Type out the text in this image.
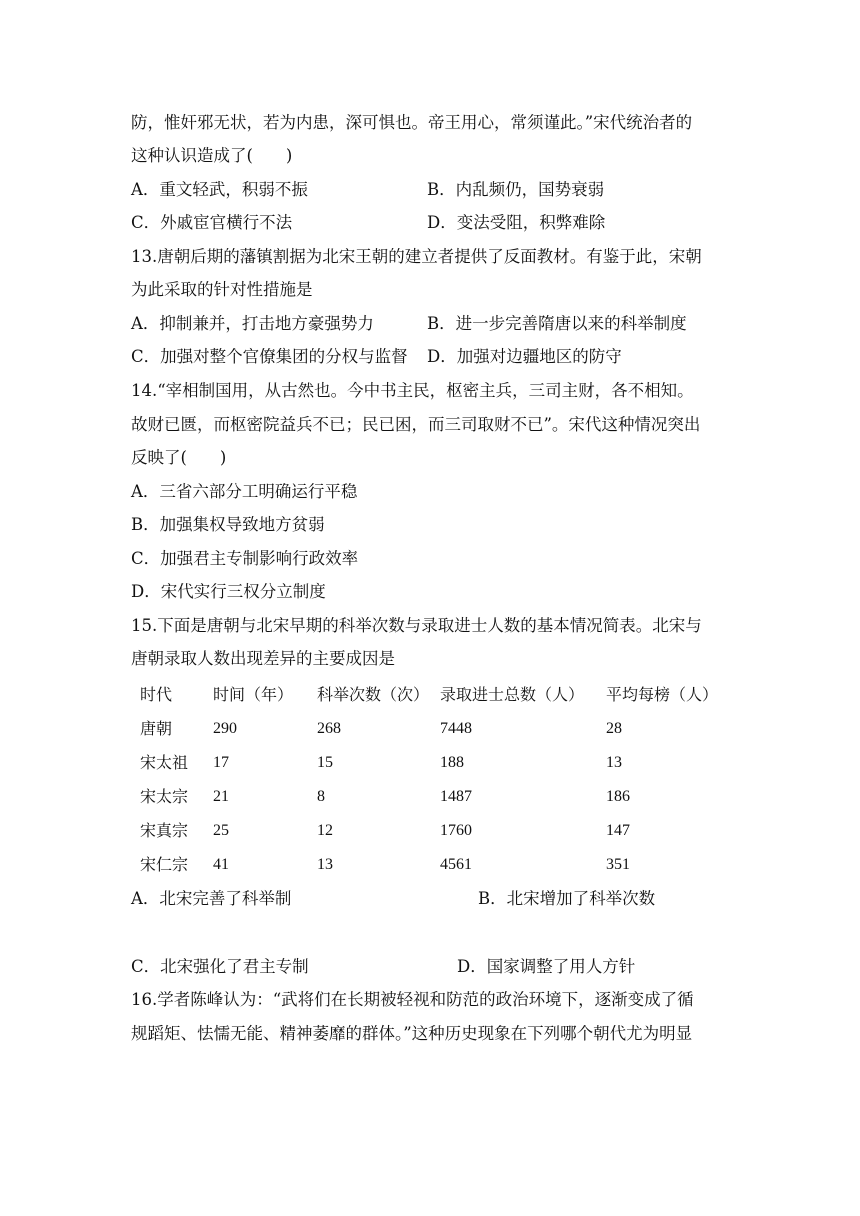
防，惟奸邪无状，若为内患，深可惧也。帝王用心，常须谨此。”宋代统治者的
这种认识造成了(　　)
A．重文轻武，积弱不振	B．内乱频仍，国势衰弱
C．外戚宦官横行不法	D．变法受阻，积弊难除
13.唐朝后期的藩镇割据为北宋王朝的建立者提供了反面教材。有鉴于此，宋朝
为此采取的针对性措施是
A．抑制兼并，打击地方豪强势力	B．进一步完善隋唐以来的科举制度
C．加强对整个官僚集团的分权与监督 D．加强对边疆地区的防守
14.“宰相制国用，从古然也。今中书主民，枢密主兵，三司主财，各不相知。
故财已匮，而枢密院益兵不已；民已困，而三司取财不已”。宋代这种情况突出
反映了(　　)
A．三省六部分工明确运行平稳
B．加强集权导致地方贫弱
C．加强君主专制影响行政效率
D．宋代实行三权分立制度
15.下面是唐朝与北宋早期的科举次数与录取进士人数的基本情况简表。北宋与
唐朝录取人数出现差异的主要成因是
时代	时间（年） 科举次数（次） 录取进士总数（人） 平均每榜（人）
唐朝	290	268	7448	28
宋太祖 17	15	188	13
宋太宗 21	8	1487	186
宋真宗 25	12	1760	147
宋仁宗 41	13	4561	351
A．北宋完善了科举制	B．北宋增加了科举次数
C．北宋强化了君主专制	D．国家调整了用人方针
16.学者陈峰认为：“武将们在长期被轻视和防范的政治环境下，逐渐变成了循
规蹈矩、怯懦无能、精神萎靡的群体。”这种历史现象在下列哪个朝代尤为明显
